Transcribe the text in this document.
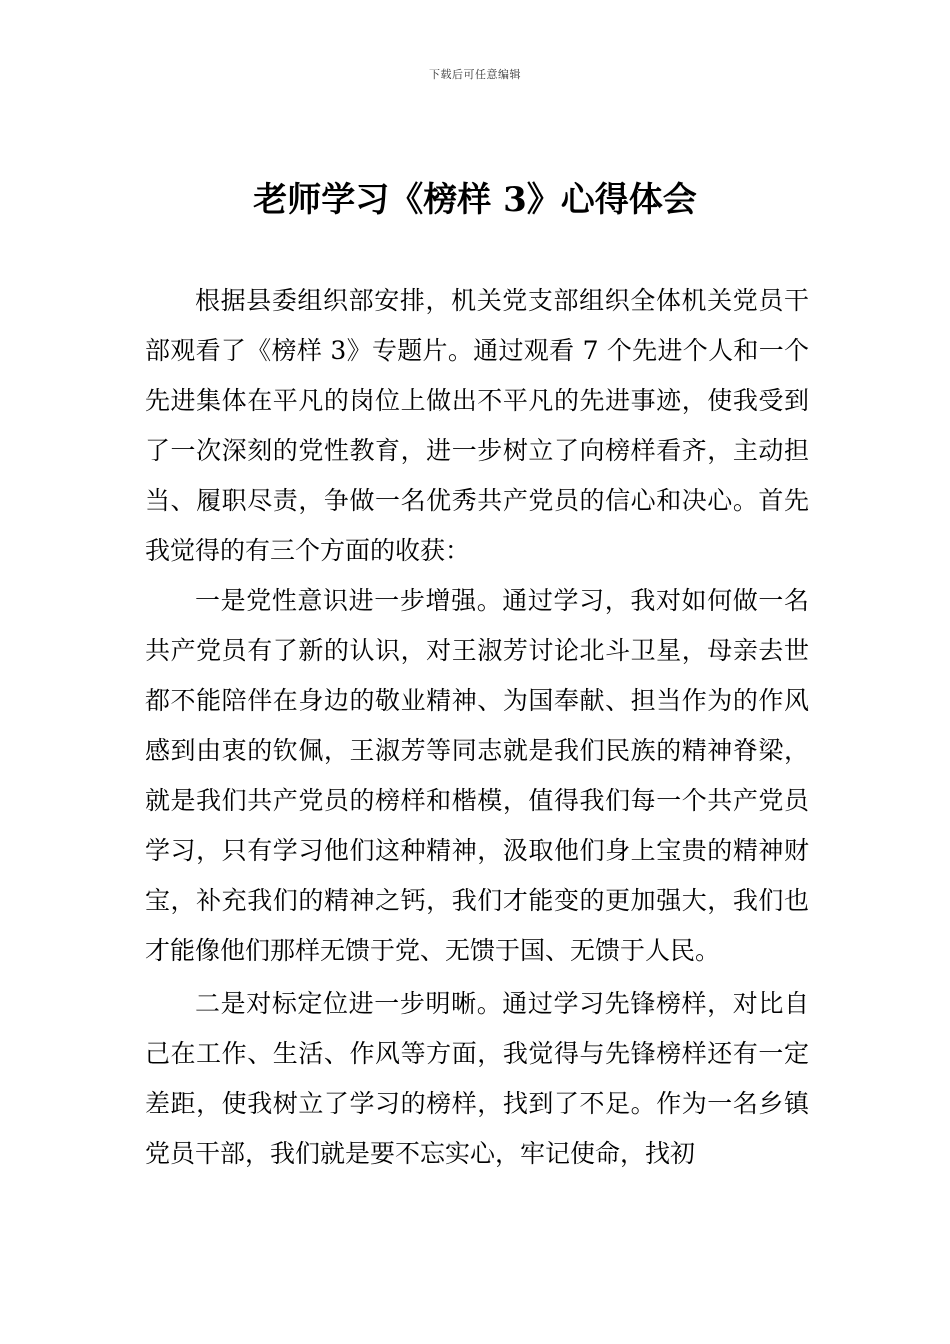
下载后可任意编辑
老师学习《榜样 3》心得体会

根据县委组织部安排，机关党支部组织全体机关党员干部观看了《榜样 3》专题片。通过观看 7 个先进个人和一个先进集体在平凡的岗位上做出不平凡的先进事迹，使我受到了一次深刻的党性教育，进一步树立了向榜样看齐，主动担当、履职尽责，争做一名优秀共产党员的信心和决心。首先我觉得的有三个方面的收获：

一是党性意识进一步增强。通过学习，我对如何做一名共产党员有了新的认识，对王淑芳讨论北斗卫星，母亲去世都不能陪伴在身边的敬业精神、为国奉献、担当作为的作风感到由衷的钦佩，王淑芳等同志就是我们民族的精神脊梁，就是我们共产党员的榜样和楷模，值得我们每一个共产党员学习，只有学习他们这种精神，汲取他们身上宝贵的精神财宝，补充我们的精神之钙，我们才能变的更加强大，我们也才能像他们那样无馈于党、无馈于国、无馈于人民。

二是对标定位进一步明晰。通过学习先锋榜样，对比自己在工作、生活、作风等方面，我觉得与先锋榜样还有一定差距，使我树立了学习的榜样，找到了不足。作为一名乡镇党员干部，我们就是要不忘实心，牢记使命，找初
